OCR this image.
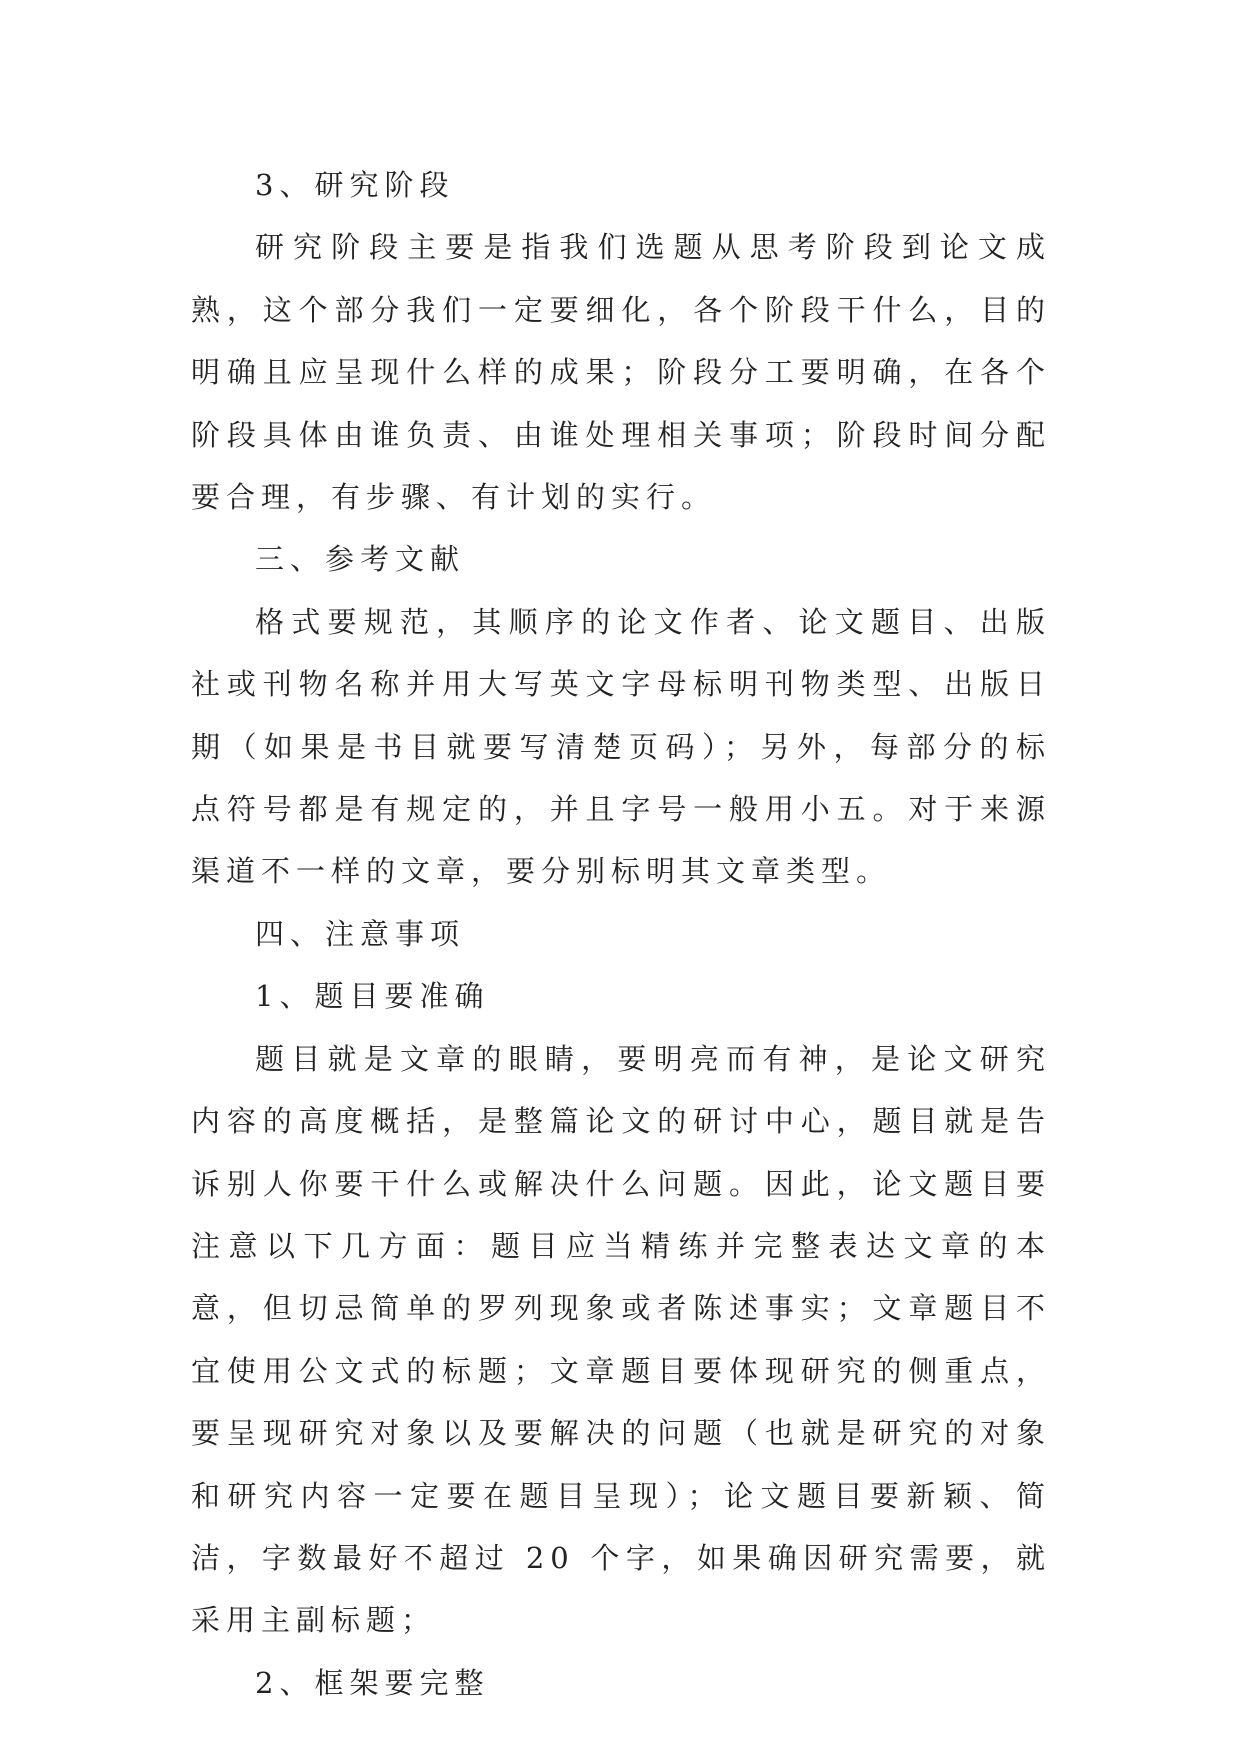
3、研究阶段

研究阶段主要是指我们选题从思考阶段到论文成熟，这个部分我们一定要细化，各个阶段干什么，目的明确且应呈现什么样的成果；阶段分工要明确，在各个阶段具体由谁负责、由谁处理相关事项；阶段时间分配要合理，有步骤、有计划的实行。

三、参考文献

格式要规范，其顺序的论文作者、论文题目、出版社或刊物名称并用大写英文字母标明刊物类型、出版日期（如果是书目就要写清楚页码）；另外，每部分的标点符号都是有规定的，并且字号一般用小五。对于来源渠道不一样的文章，要分别标明其文章类型。

四、注意事项

1、题目要准确

题目就是文章的眼睛，要明亮而有神，是论文研究内容的高度概括，是整篇论文的研讨中心，题目就是告诉别人你要干什么或解决什么问题。因此，论文题目要注意以下几方面：题目应当精练并完整表达文章的本意，但切忌简单的罗列现象或者陈述事实；文章题目不宜使用公文式的标题；文章题目要体现研究的侧重点，要呈现研究对象以及要解决的问题（也就是研究的对象和研究内容一定要在题目呈现）；论文题目要新颖、简洁，字数最好不超过 20 个字，如果确因研究需要，就采用主副标题；

2、框架要完整
